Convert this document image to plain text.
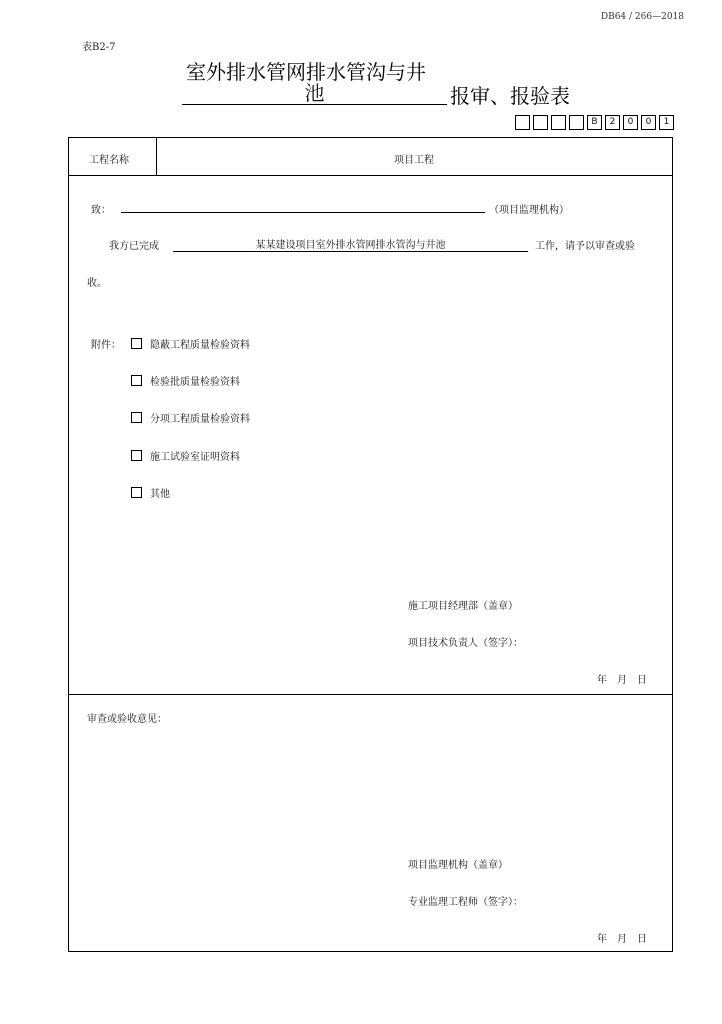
DB64 / 266—2018
表B2-7
室外排水管网排水管沟与井
池	报审、报验表
B	2	0	0	1
工程名称	项目工程
致：	（项目监理机构）
我方已完成	某某建设项目室外排水管网排水管沟与井池	工作，请予以审查或验
收。
附件：	隐蔽工程质量检验资料
检验批质量检验资料
分项工程质量检验资料
施工试验室证明资料
其他
施工项目经理部（盖章）
项目技术负责人（签字）：
年　月　日
审查或验收意见：
项目监理机构（盖章）
专业监理工程师（签字）：
年　月　日
